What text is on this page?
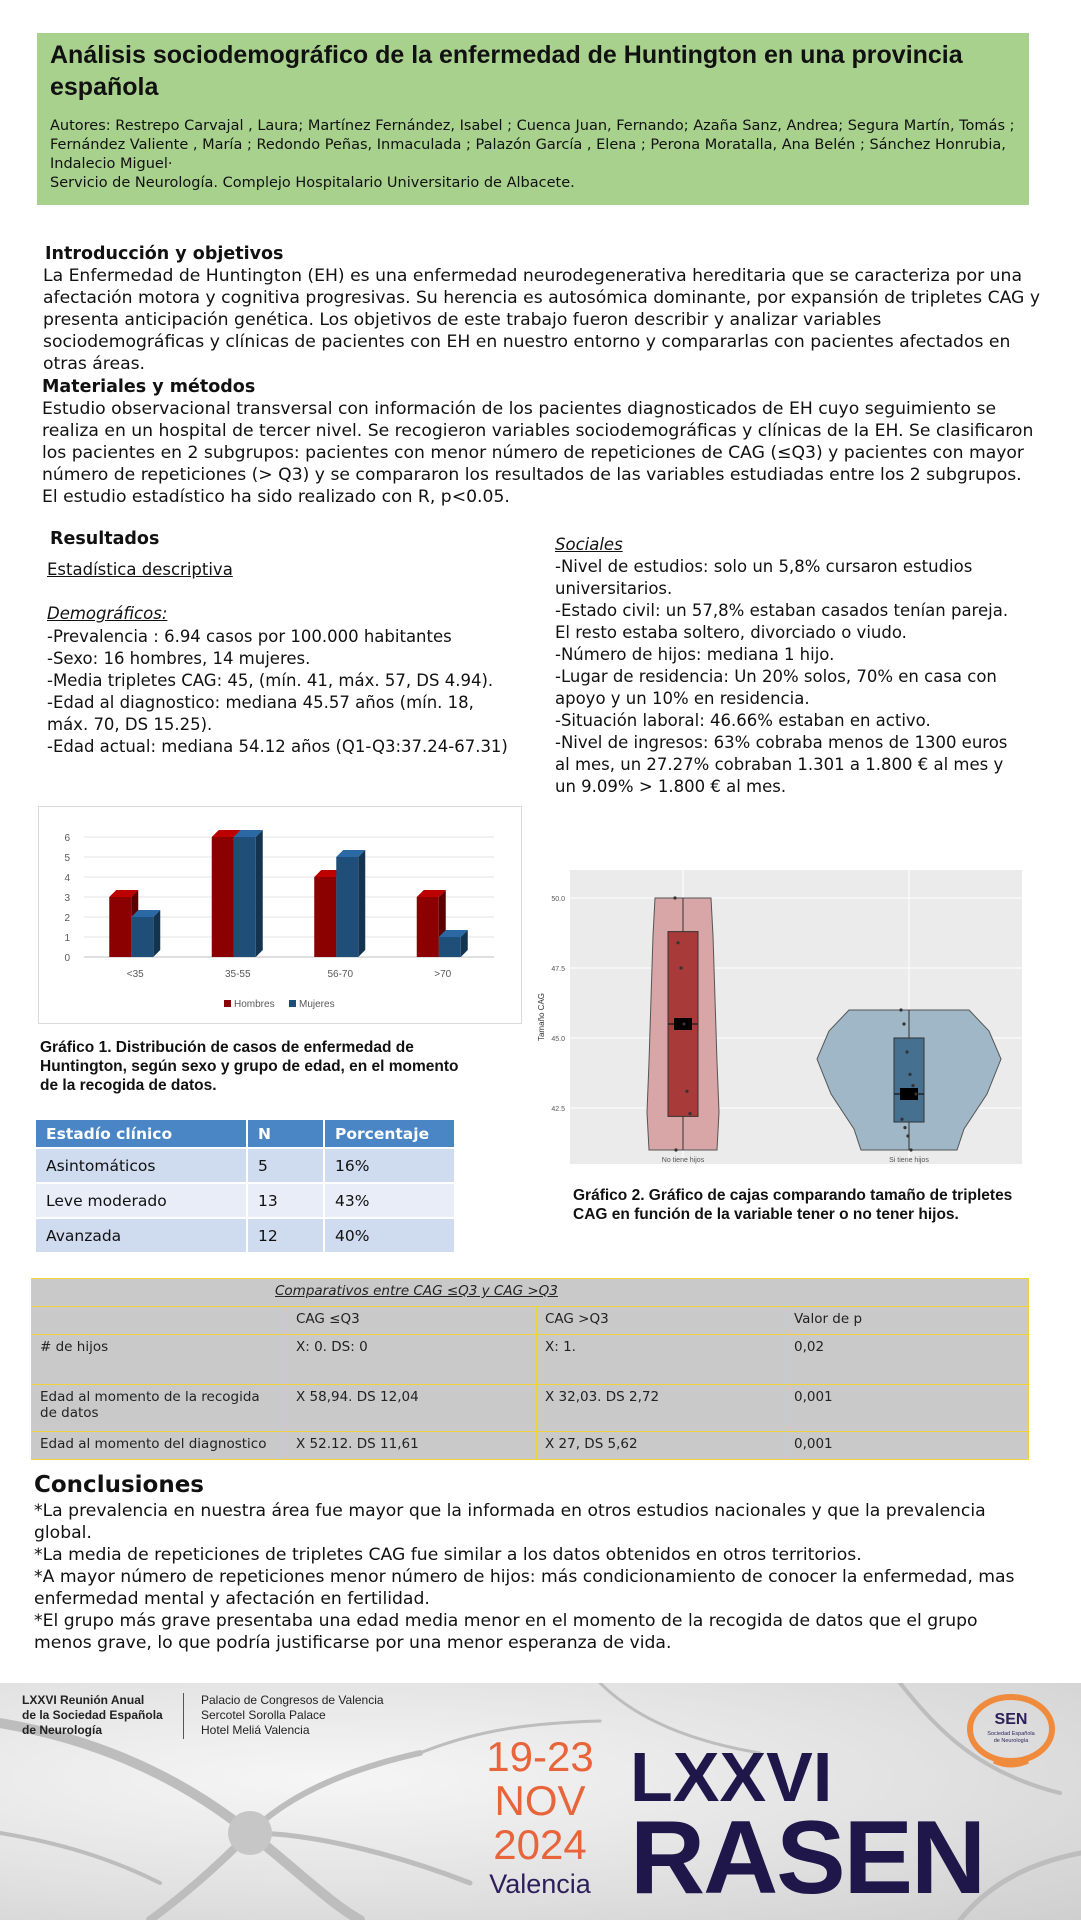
Análisis sociodemográfico de la enfermedad de Huntington en una provincia española
Autores: Restrepo Carvajal , Laura; Martínez Fernández, Isabel ; Cuenca Juan, Fernando; Azaña Sanz, Andrea; Segura Martín, Tomás ; Fernández Valiente , María ; Redondo Peñas, Inmaculada ; Palazón García , Elena ; Perona Moratalla, Ana Belén ; Sánchez Honrubia, Indalecio Miguel·
Servicio de Neurología. Complejo Hospitalario Universitario de Albacete.
Introducción y objetivos
La Enfermedad de Huntington (EH) es una enfermedad neurodegenerativa hereditaria que se caracteriza por una afectación motora y cognitiva progresivas. Su herencia es autosómica dominante, por expansión de tripletes CAG y presenta anticipación genética. Los objetivos de este trabajo fueron describir y analizar variables sociodemográficas y clínicas de pacientes con EH en nuestro entorno y compararlas con pacientes afectados en otras áreas.
Materiales y métodos
Estudio observacional transversal con información de los pacientes diagnosticados de EH cuyo seguimiento se realiza en un hospital de tercer nivel. Se recogieron variables sociodemográficas y clínicas de la EH. Se clasificaron los pacientes en 2 subgrupos: pacientes con menor número de repeticiones de CAG (≤Q3) y pacientes con mayor número de repeticiones (> Q3) y se compararon los resultados de las variables estudiadas entre los 2 subgrupos. El estudio estadístico ha sido realizado con R, p<0.05.
Resultados
Estadística descriptiva
Demográficos:
-Prevalencia : 6.94 casos por 100.000 habitantes
-Sexo: 16 hombres, 14 mujeres.
-Media tripletes CAG: 45, (mín. 41, máx. 57, DS 4.94).
-Edad al diagnostico: mediana 45.57 años (mín. 18, máx. 70, DS 15.25).
-Edad actual: mediana 54.12 años (Q1-Q3:37.24-67.31)
Sociales
-Nivel de estudios: solo un 5,8% cursaron estudios universitarios.
-Estado civil: un 57,8% estaban casados tenían pareja. El resto estaba soltero, divorciado o viudo.
-Número de hijos: mediana 1 hijo.
-Lugar de residencia: Un 20% solos, 70% en casa con apoyo y un 10% en residencia.
-Situación laboral: 46.66% estaban en activo.
-Nivel de ingresos: 63% cobraba menos de 1300 euros al mes, un 27.27% cobraban 1.301 a 1.800 € al mes y un 9.09% > 1.800 € al mes.
0
1
2
3
4
5
6
<35	35-55	56-70	>70
Hombres Mujeres
Gráfico 1. Distribución de casos de enfermedad de Huntington, según sexo y grupo de edad, en el momento de la recogida de datos.
42.5
45.0
47.5
50.0
Tamaño CAG
No tiene hijos	Si tiene hijos
Gráfico 2. Gráfico de cajas comparando tamaño de tripletes CAG en función de la variable tener o no tener hijos.
Estadío clínico	N	Porcentaje
Asintomáticos	5	16%
Leve moderado	13	43%
Avanzada	12	40%
Comparativos entre CAG ≤Q3 y CAG >Q3			
	CAG ≤Q3	CAG >Q3	Valor de p
# de hijos	X: 0. DS: 0	X: 1.	0,02
Edad al momento de la recogida de datos	X 58,94. DS 12,04	X 32,03. DS 2,72	0,001
Edad al momento del diagnostico	X 52.12. DS 11,61	X 27, DS 5,62	0,001
Conclusiones
*La prevalencia en nuestra área fue mayor que la informada en otros estudios nacionales y que la prevalencia global.
*La media de repeticiones de tripletes CAG fue similar a los datos obtenidos en otros territorios.
*A mayor número de repeticiones menor número de hijos: más condicionamiento de conocer la enfermedad, mas enfermedad mental y afectación en fertilidad.
*El grupo más grave presentaba una edad media menor en el momento de la recogida de datos que el grupo menos grave, lo que podría justificarse por una menor esperanza de vida.
LXXVI Reunión Anual
de la Sociedad Española
de Neurología
Palacio de Congresos de Valencia
Sercotel Sorolla Palace
Hotel Meliá Valencia
19-23
NOV
2024
Valencia
LXXVI
RASEN
SEN
Sociedad Española
de Neurología
